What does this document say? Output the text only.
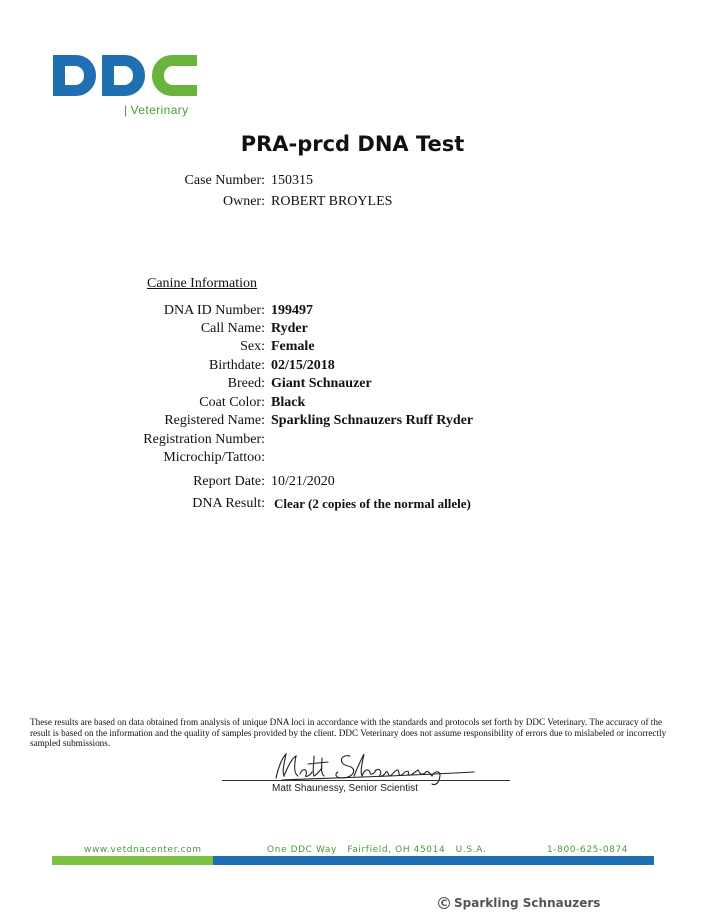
| Veterinary
PRA-prcd DNA Test
Case Number: 150315
Owner: ROBERT BROYLES
Canine Information
DNA ID Number: 199497
Call Name: Ryder
Sex: Female
Birthdate: 02/15/2018
Breed: Giant Schnauzer
Coat Color: Black
Registered Name: Sparkling Schnauzers Ruff Ryder
Registration Number:
Microchip/Tattoo:
Report Date: 10/21/2020
DNA Result: Clear (2 copies of the normal allele)
These results are based on data obtained from analysis of unique DNA loci in accordance with the standards and protocols set forth by DDC Veterinary. The accuracy of the result is based on the information and the quality of samples provided by the client. DDC Veterinary does not assume responsibility of errors due to mislabeled or incorrectly sampled submissions.
Matt Shaunessy, Senior Scientist
www.vetdnacenter.com	One DDC Way   Fairfield, OH 45014   U.S.A.	1-800-625-0874
C Sparkling Schnauzers
